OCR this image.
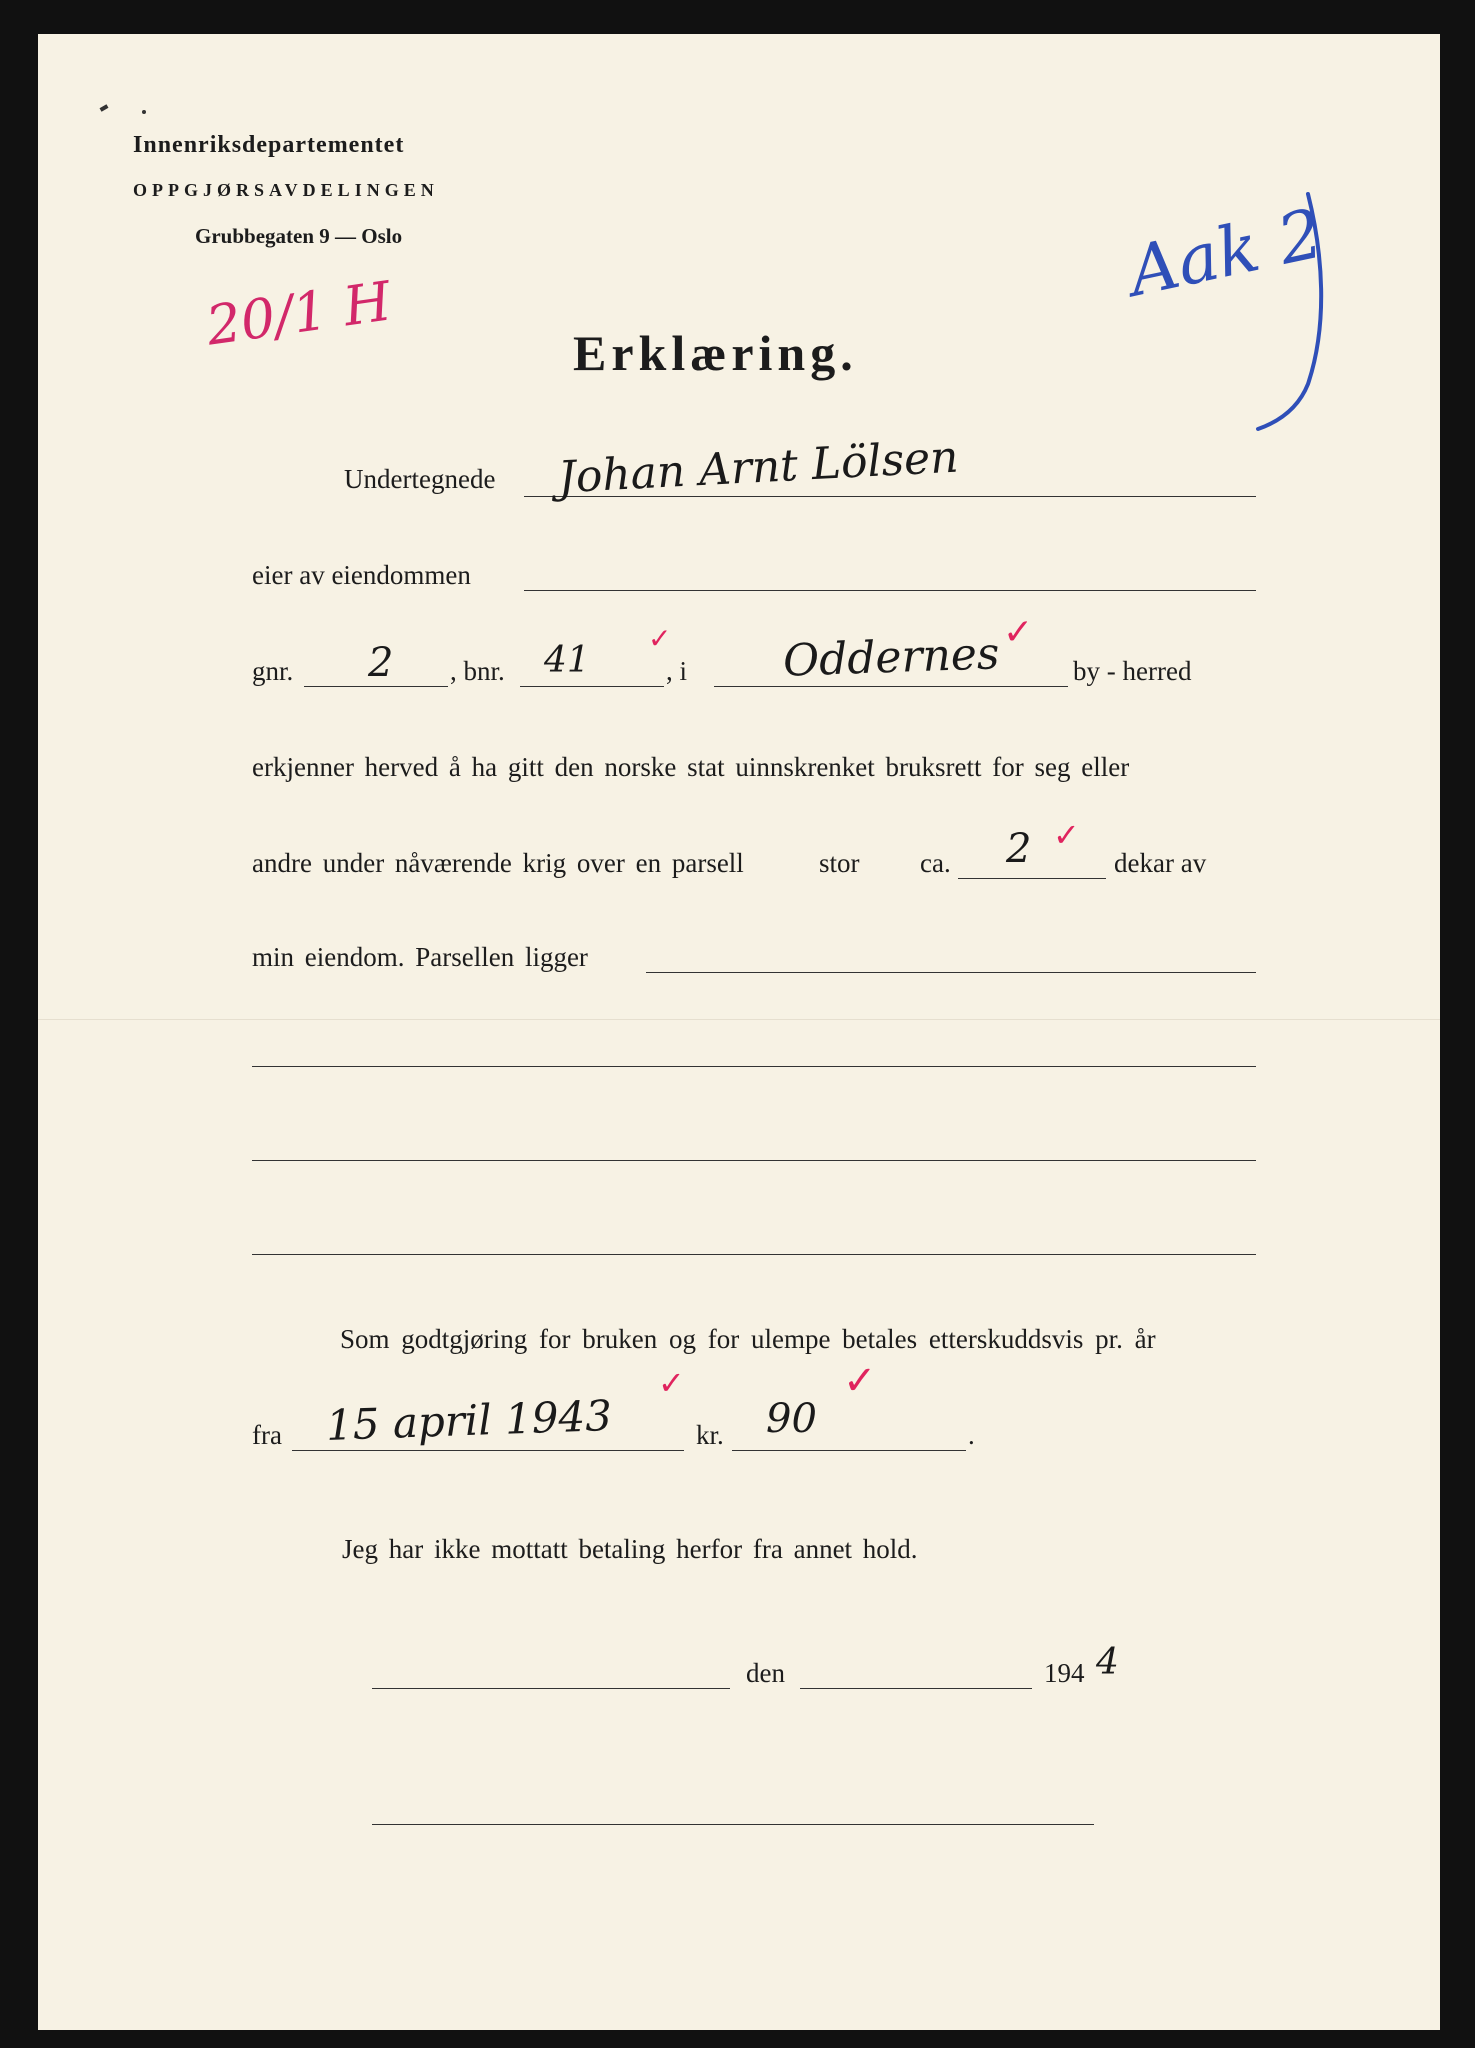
Innenriksdepartementet
OPPGJØRSAVDELINGEN
Grubbegaten 9 — Oslo
20/1 H
Aak 2
Erklæring.
Undertegnede Johan Arnt Lölsen
eier av eiendommen
gnr. 2 , bnr. 41
✓
, i Oddernes ✓
by - herred
erkjenner herved å ha gitt den norske stat uinnskrenket bruksrett for seg eller
andre under nåværende krig over en parsell	stor ca. 2 ✓
dekar av
min eiendom. Parsellen ligger
Som godtgjøring for bruken og for ulempe betales etterskuddsvis pr. år
fra 15 april 1943
✓
kr. 90
✓
.
Jeg har ikke mottatt betaling herfor fra annet hold.
den	194 4
